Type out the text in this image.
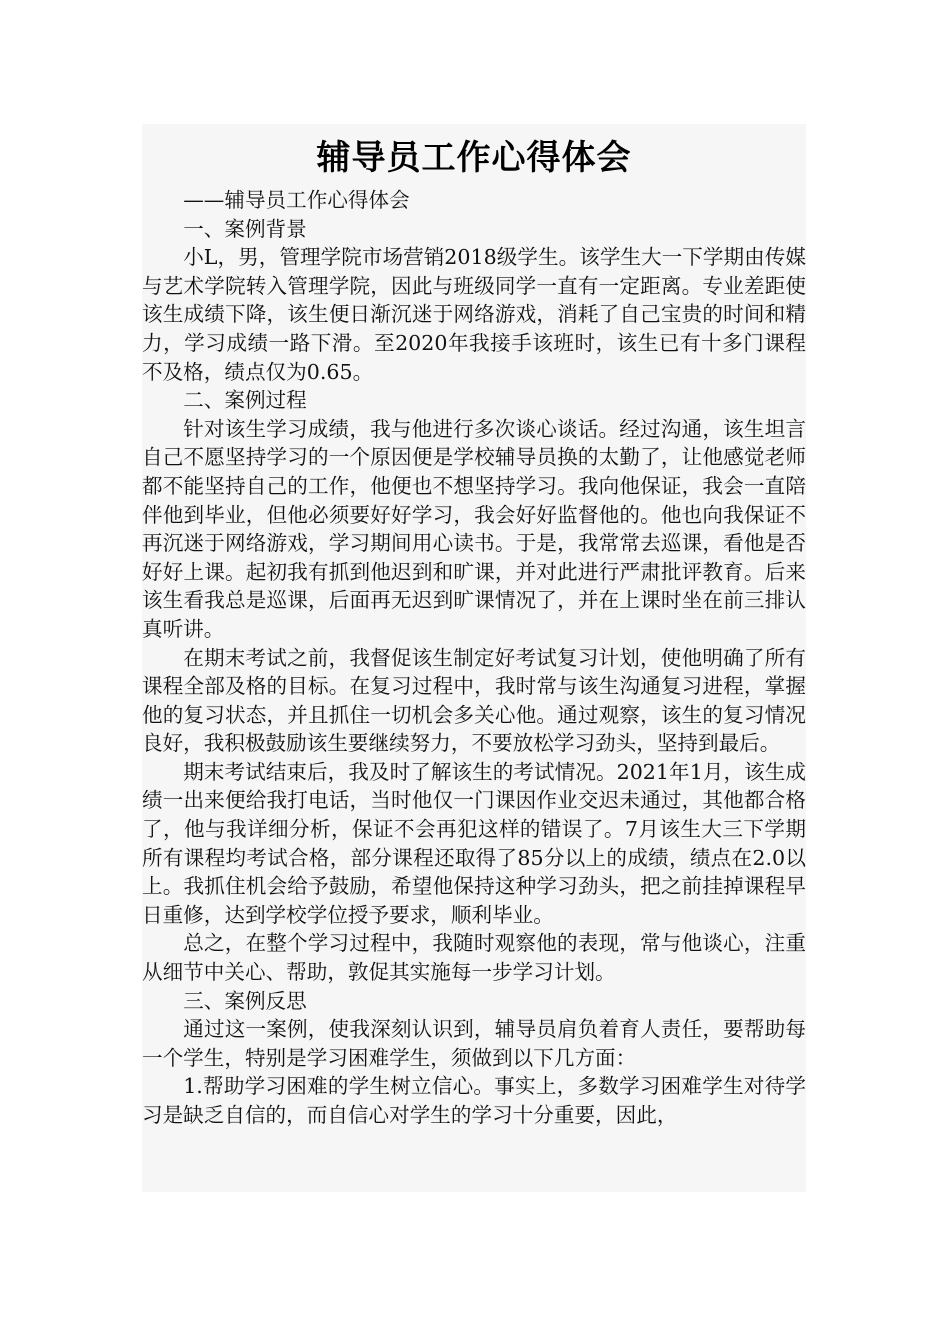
辅导员工作心得体会

——辅导员工作心得体会

一、案例背景

小L，男，管理学院市场营销2018级学生。该学生大一下学期由传媒与艺术学院转入管理学院，因此与班级同学一直有一定距离。专业差距使该生成绩下降，该生便日渐沉迷于网络游戏，消耗了自己宝贵的时间和精力，学习成绩一路下滑。至2020年我接手该班时，该生已有十多门课程不及格，绩点仅为0.65。

二、案例过程

针对该生学习成绩，我与他进行多次谈心谈话。经过沟通，该生坦言自己不愿坚持学习的一个原因便是学校辅导员换的太勤了，让他感觉老师都不能坚持自己的工作，他便也不想坚持学习。我向他保证，我会一直陪伴他到毕业，但他必须要好好学习，我会好好监督他的。他也向我保证不再沉迷于网络游戏，学习期间用心读书。于是，我常常去巡课，看他是否好好上课。起初我有抓到他迟到和旷课，并对此进行严肃批评教育。后来该生看我总是巡课，后面再无迟到旷课情况了，并在上课时坐在前三排认真听讲。

在期末考试之前，我督促该生制定好考试复习计划，使他明确了所有课程全部及格的目标。在复习过程中，我时常与该生沟通复习进程，掌握他的复习状态，并且抓住一切机会多关心他。通过观察，该生的复习情况良好，我积极鼓励该生要继续努力，不要放松学习劲头，坚持到最后。

期末考试结束后，我及时了解该生的考试情况。2021年1月，该生成绩一出来便给我打电话，当时他仅一门课因作业交迟未通过，其他都合格了，他与我详细分析，保证不会再犯这样的错误了。7月该生大三下学期所有课程均考试合格，部分课程还取得了85分以上的成绩，绩点在2.0以上。我抓住机会给予鼓励，希望他保持这种学习劲头，把之前挂掉课程早日重修，达到学校学位授予要求，顺利毕业。

总之，在整个学习过程中，我随时观察他的表现，常与他谈心，注重从细节中关心、帮助，敦促其实施每一步学习计划。

三、案例反思

通过这一案例，使我深刻认识到，辅导员肩负着育人责任，要帮助每一个学生，特别是学习困难学生，须做到以下几方面：

1.帮助学习困难的学生树立信心。事实上，多数学习困难学生对待学习是缺乏自信的，而自信心对学生的学习十分重要，因此，
